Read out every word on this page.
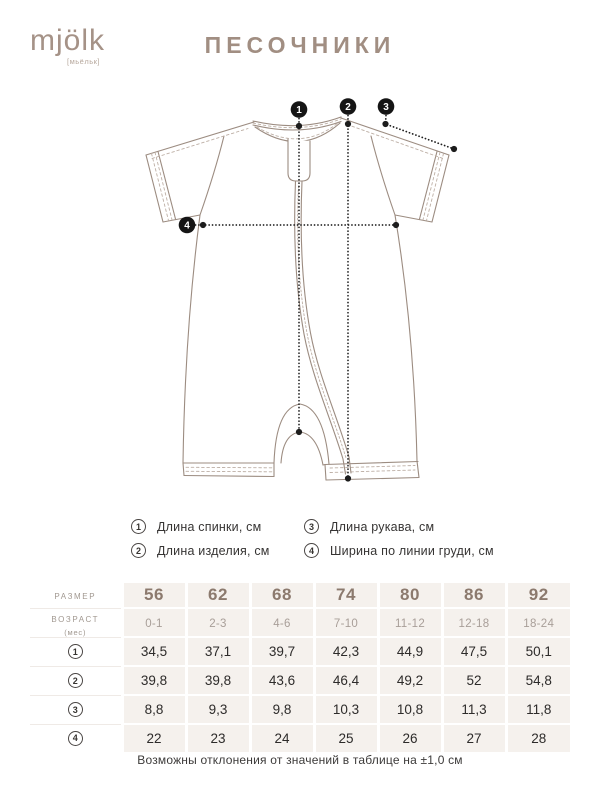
mjölk
[мьёльк]
ПЕСОЧНИКИ
1	2	3
4
1	Длина спинки, см
2	Длина изделия, см
3	Длина рукава, см
4	Ширина по линии груди, см
РАЗМЕР	56	62	68	74	80	86	92
ВОЗРАСТ
(мес)	0-1	2-3	4-6	7-10	11-12	12-18	18-24

1	34,5	37,1	39,7	42,3	44,9	47,5	50,1

2	39,8	39,8	43,6	46,4	49,2	52	54,8

3	8,8	9,3	9,8	10,3	10,8	11,3	11,8

4	22	23	24	25	26	27	28
Возможны отклонения от значений в таблице на ±1,0 см
